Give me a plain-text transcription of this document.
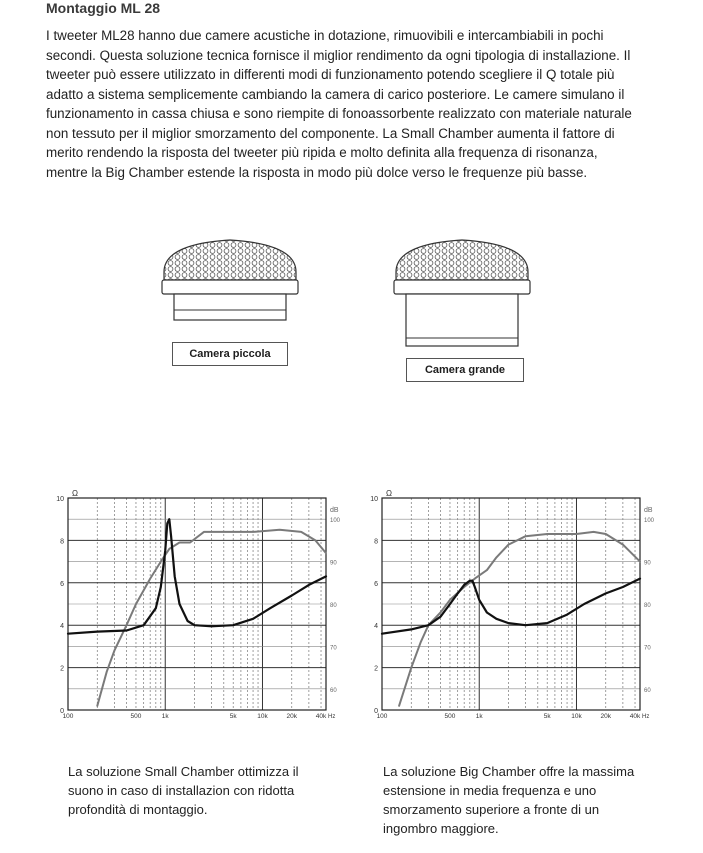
Montaggio ML 28
I tweeter ML28 hanno due camere acustiche in dotazione, rimuovibili e intercambiabili in pochi
secondi. Questa soluzione tecnica fornisce il miglior rendimento da ogni tipologia di installazione. Il
tweeter può essere utilizzato in differenti modi di funzionamento potendo scegliere il Q totale più
adatto a sistema semplicemente cambiando la camera di carico posteriore. Le camere simulano il
funzionamento in cassa chiusa e sono riempite di fonoassorbente realizzato con materiale naturale
non tessuto per il miglior smorzamento del componente. La Small Chamber aumenta il fattore di
merito rendendo la risposta del tweeter più ripida e molto definita alla frequenza di risonanza,
mentre la Big Chamber estende la risposta in modo più dolce verso le frequenze più basse.
Camera piccola
Camera grande
0
2
4
6
8
10
Ω
60
70
80
90
100
dB
100	500	1k	5k	10k	20k	40k Hz
0
2
4
6
8
10
Ω
60
70
80
90
100
dB
100	500	1k	5k	10k	20k	40k Hz
La soluzione Small Chamber ottimizza il
suono in caso di installazion con ridotta
profondità di montaggio.
La soluzione Big Chamber offre la massima
estensione in media frequenza e uno
smorzamento superiore a fronte di un
ingombro maggiore.
